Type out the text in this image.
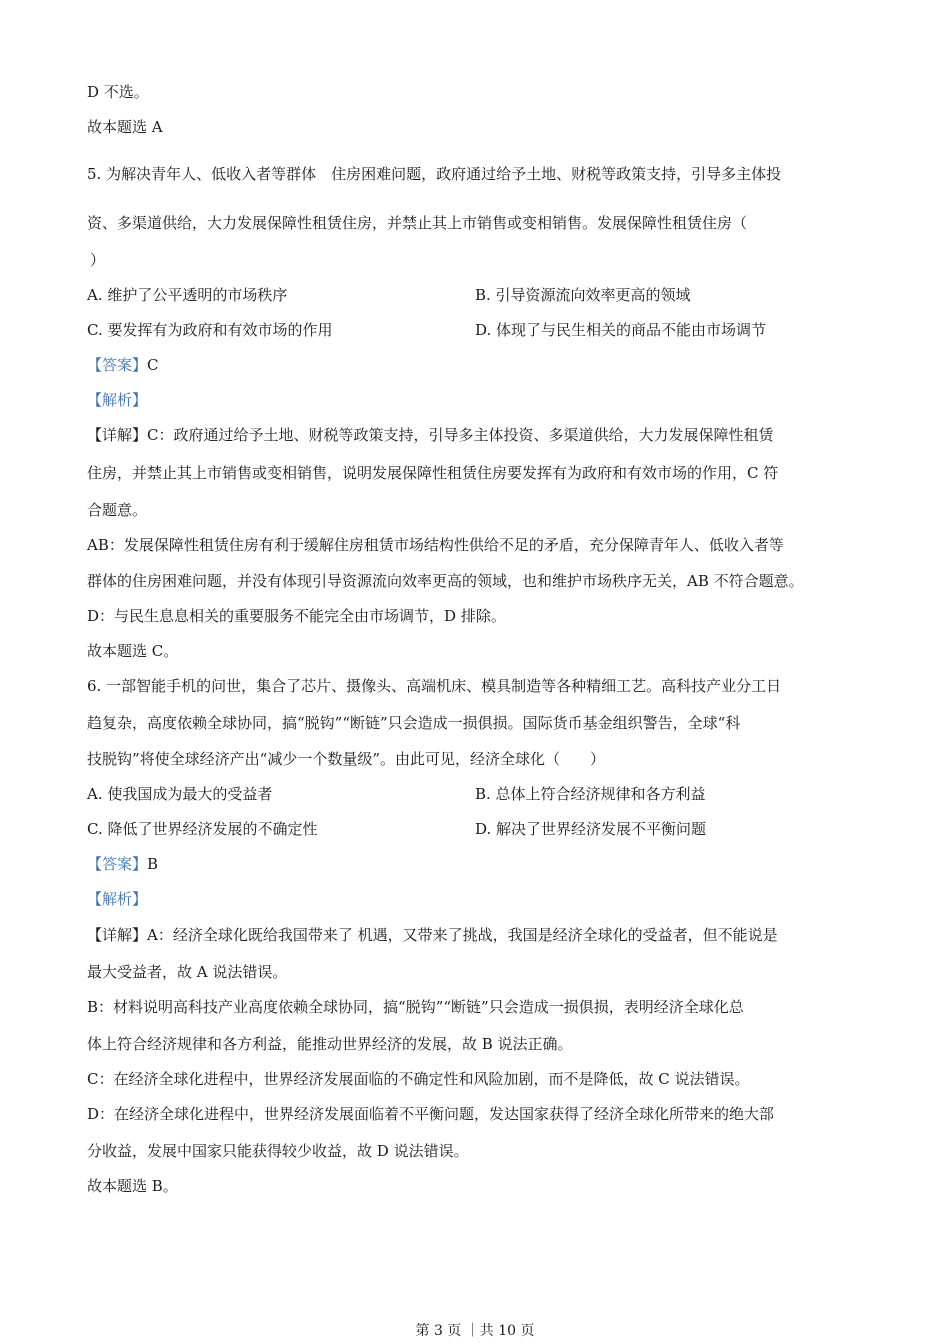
D 不选。
故本题选 A
5. 为解决青年人、低收入者等群体　住房困难问题，政府通过给予土地、财税等政策支持，引导多主体投
资、多渠道供给，大力发展保障性租赁住房，并禁止其上市销售或变相销售。发展保障性租赁住房（
）
A. 维护了公平透明的市场秩序	B. 引导资源流向效率更高的领域
C. 要发挥有为政府和有效市场的作用	D. 体现了与民生相关的商品不能由市场调节
【答案】C
【解析】
【详解】C：政府通过给予土地、财税等政策支持，引导多主体投资、多渠道供给，大力发展保障性租赁
住房，并禁止其上市销售或变相销售，说明发展保障性租赁住房要发挥有为政府和有效市场的作用，C 符
合题意。
AB：发展保障性租赁住房有利于缓解住房租赁市场结构性供给不足的矛盾，充分保障青年人、低收入者等
群体的住房困难问题，并没有体现引导资源流向效率更高的领域，也和维护市场秩序无关，AB 不符合题意。
D：与民生息息相关的重要服务不能完全由市场调节，D 排除。
故本题选 C。
6. 一部智能手机的问世，集合了芯片、摄像头、高端机床、模具制造等各种精细工艺。高科技产业分工日
趋复杂，高度依赖全球协同，搞“脱钩”“断链”只会造成一损俱损。国际货币基金组织警告，全球“科
技脱钩”将使全球经济产出“减少一个数量级”。由此可见，经济全球化（　　）
A. 使我国成为最大的受益者	B. 总体上符合经济规律和各方利益
C. 降低了世界经济发展的不确定性	D. 解决了世界经济发展不平衡问题
【答案】B
【解析】
【详解】A：经济全球化既给我国带来了 机遇，又带来了挑战，我国是经济全球化的受益者，但不能说是
最大受益者，故 A 说法错误。
B：材料说明高科技产业高度依赖全球协同，搞“脱钩”“断链”只会造成一损俱损，表明经济全球化总
体上符合经济规律和各方利益，能推动世界经济的发展，故 B 说法正确。
C：在经济全球化进程中，世界经济发展面临的不确定性和风险加剧，而不是降低，故 C 说法错误。
D：在经济全球化进程中，世界经济发展面临着不平衡问题，发达国家获得了经济全球化所带来的绝大部
分收益，发展中国家只能获得较少收益，故 D 说法错误。
故本题选 B。
第 3 页 ｜共 10 页
